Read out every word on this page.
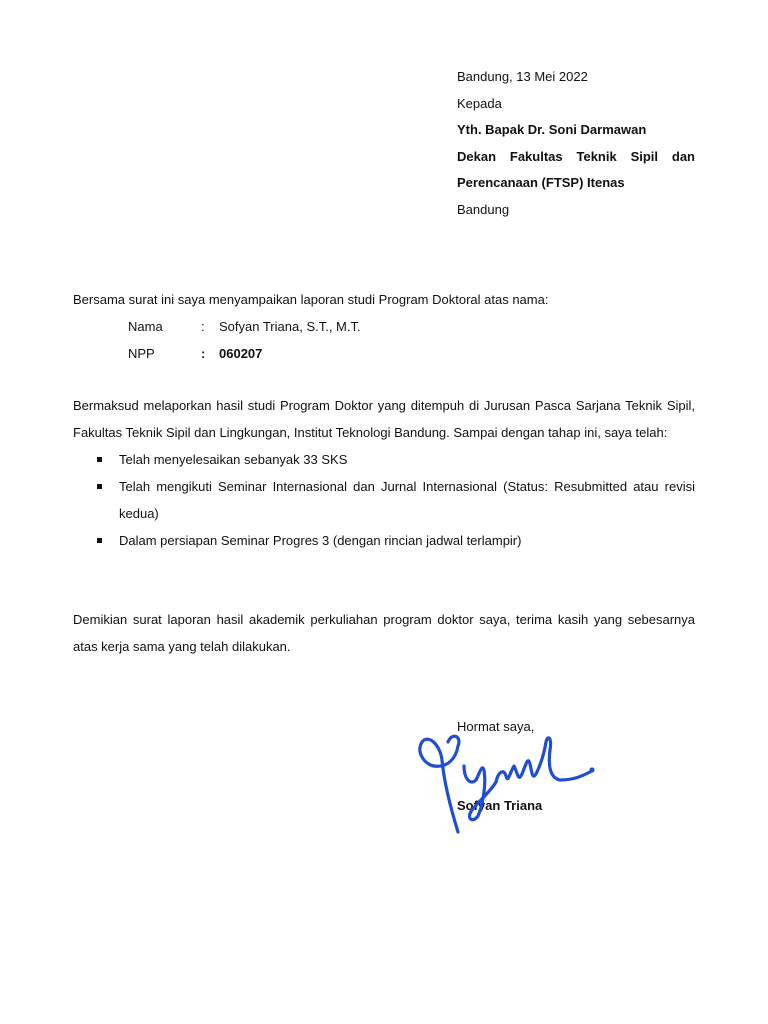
Bandung, 13 Mei 2022
Kepada
Yth. Bapak Dr. Soni Darmawan
Dekan Fakultas Teknik Sipil dan
Perencanaan (FTSP) Itenas
Bandung
Bersama surat ini saya menyampaikan laporan studi Program Doktoral atas nama:
Nama	: Sofyan Triana, S.T., M.T.
NPP	: 060207
Bermaksud melaporkan hasil studi Program Doktor yang ditempuh di Jurusan Pasca Sarjana Teknik Sipil, Fakultas Teknik Sipil dan Lingkungan, Institut Teknologi Bandung. Sampai dengan tahap ini, saya telah:
Telah menyelesaikan sebanyak 33 SKS
Telah mengikuti Seminar Internasional dan Jurnal Internasional (Status: Resubmitted atau revisi kedua)
Dalam persiapan Seminar Progres 3 (dengan rincian jadwal terlampir)
Demikian surat laporan hasil akademik perkuliahan program doktor saya, terima kasih yang sebesarnya atas kerja sama yang telah dilakukan.
Hormat saya,
Sofyan Triana
